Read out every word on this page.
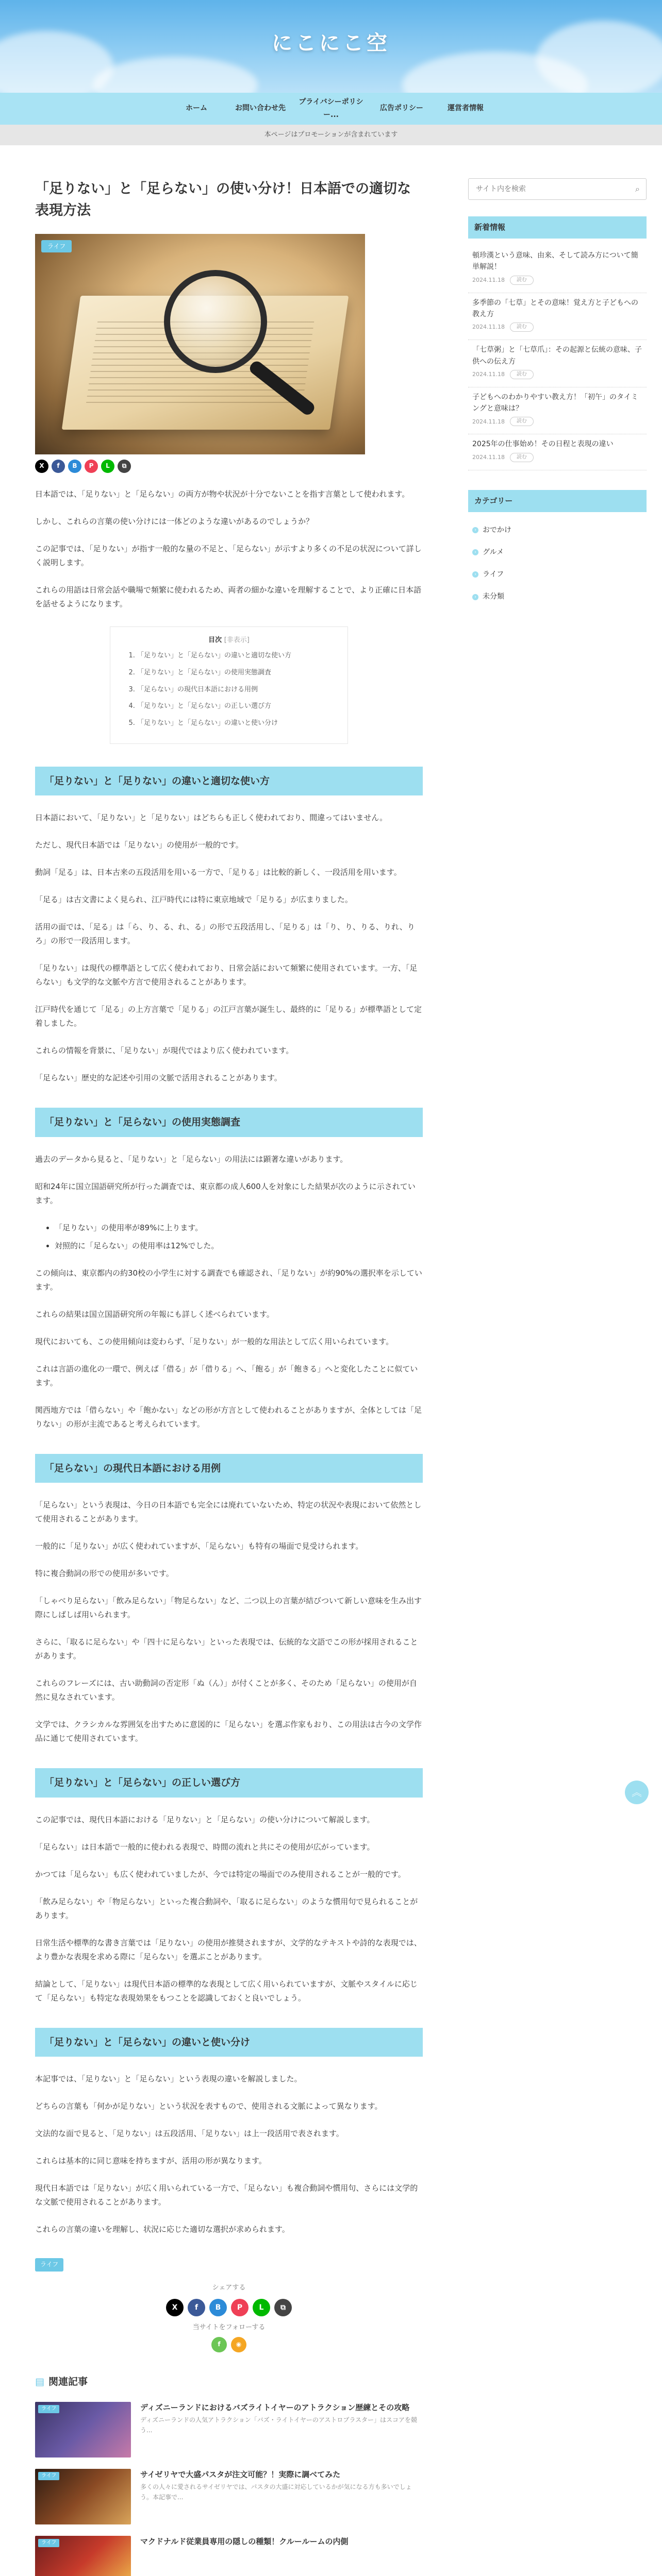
にこにこ空
ホーム	お問い合わせ先
プライバシーポリシー...
広告ポリシー	運営者情報
本ページはプロモーションが含まれています
「足りない」と「足らない」の使い分け！日本語での適切な表現方法
ライフ
X	f	B	P	L	⧉

日本語では、「足りない」と「足らない」の両方が物や状況が十分でないことを指す言葉として使われます。

しかし、これらの言葉の使い分けには一体どのような違いがあるのでしょうか？

この記事では、「足りない」が指す一般的な量の不足と、「足らない」が示すより多くの不足の状況について詳しく説明します。

これらの用語は日常会話や職場で頻繁に使われるため、両者の細かな違いを理解することで、より正確に日本語を話せるようになります。

目次 [非表示]
1. 「足りない」と「足らない」の違いと適切な使い方
2. 「足りない」と「足らない」の使用実態調査
3. 「足らない」の現代日本語における用例
4. 「足りない」と「足らない」の正しい選び方
5. 「足りない」と「足らない」の違いと使い分け
「足りない」と「足りない」の違いと適切な使い方

日本語において、「足りない」と「足りない」はどちらも正しく使われており、間違ってはいません。

ただし、現代日本語では「足りない」の使用が一般的です。

動詞「足る」は、日本古来の五段活用を用いる一方で、「足りる」は比較的新しく、一段活用を用います。

「足る」は古文書によく見られ、江戸時代には特に東京地域で「足りる」が広まりました。

活用の面では、「足る」は「ら、り、る、れ、る」の形で五段活用し、「足りる」は「り、り、りる、りれ、りろ」の形で一段活用します。

「足りない」は現代の標準語として広く使われており、日常会話において頻繁に使用されています。一方、「足らない」も文学的な文脈や方言で使用されることがあります。

江戸時代を通じて「足る」の上方言葉で「足りる」の江戸言葉が誕生し、最終的に「足りる」が標準語として定着しました。

これらの情報を背景に、「足りない」が現代ではより広く使われています。

「足らない」歴史的な記述や引用の文脈で活用されることがあります。

「足りない」と「足らない」の使用実態調査

過去のデータから見ると、「足りない」と「足らない」の用法には顕著な違いがあります。

昭和24年に国立国語研究所が行った調査では、東京都の成人600人を対象にした結果が次のように示されています。

• 「足りない」の使用率が89%に上ります。
• 対照的に「足らない」の使用率は12%でした。

この傾向は、東京都内の約30校の小学生に対する調査でも確認され、「足りない」が約90%の選択率を示しています。

これらの結果は国立国語研究所の年報にも詳しく述べられています。

現代においても、この使用傾向は変わらず、「足りない」が一般的な用法として広く用いられています。

これは言語の進化の一環で、例えば「借る」が「借りる」へ、「飽る」が「飽きる」へと変化したことに似ています。

関西地方では「借らない」や「飽かない」などの形が方言として使われることがありますが、全体としては「足りない」の形が主流であると考えられています。

「足らない」の現代日本語における用例

「足らない」という表現は、今日の日本語でも完全には廃れていないため、特定の状況や表現において依然として使用されることがあります。

一般的に「足りない」が広く使われていますが、「足らない」も特有の場面で見受けられます。

特に複合動詞の形での使用が多いです。

「しゃべり足らない」「飲み足らない」「物足らない」など、二つ以上の言葉が結びついて新しい意味を生み出す際にしばしば用いられます。

さらに、「取るに足らない」や「四十に足らない」といった表現では、伝統的な文語でこの形が採用されることがあります。

これらのフレーズには、古い助動詞の否定形「ぬ（ん）」が付くことが多く、そのため「足らない」の使用が自然に見なされています。

文学では、クラシカルな雰囲気を出すために意図的に「足らない」を選ぶ作家もおり、この用法は古今の文学作品に通じて使用されています。

「足りない」と「足らない」の正しい選び方

この記事では、現代日本語における「足りない」と「足らない」の使い分けについて解説します。

「足らない」は日本語で一般的に使われる表現で、時間の流れと共にその使用が広がっています。

かつては「足らない」も広く使われていましたが、今では特定の場面でのみ使用されることが一般的です。

「飲み足らない」や「物足らない」といった複合動詞や、「取るに足らない」のような慣用句で見られることがあります。

日常生活や標準的な書き言葉では「足りない」の使用が推奨されますが、文学的なテキストや詩的な表現では、より豊かな表現を求める際に「足らない」を選ぶことがあります。

結論として、「足りない」は現代日本語の標準的な表現として広く用いられていますが、文脈やスタイルに応じて「足らない」も特定な表現効果をもつことを認識しておくと良いでしょう。

「足りない」と「足らない」の違いと使い分け

本記事では、「足りない」と「足らない」という表現の違いを解説しました。

どちらの言葉も「何かが足りない」という状況を表すもので、使用される文脈によって異なります。

文法的な面で見ると、「足りない」は五段活用、「足りない」は上一段活用で表されます。

これらは基本的に同じ意味を持ちますが、活用の形が異なります。

現代日本語では「足りない」が広く用いられている一方で、「足らない」も複合動詞や慣用句、さらには文学的な文脈で使用されることがあります。

これらの言葉の違いを理解し、状況に応じた適切な選択が求められます。

ライフ
シェアする
X	f	B	P	L	⧉
当サイトをフォローする
f	◉
▤ 関連記事
ライフ	ディズニーランドにおけるバズライトイヤーのアトラクション歴練とその攻略
ディズニーランドの人気アトラクション「バズ・ライトイヤーのアストロブラスター」はスコアを競う...
ライフ	サイゼリヤで大盛パスタが注文可能？！実際に調べてみた
多くの人々に愛されるサイゼリヤでは、パスタの大盛に対応しているかが気になる方も多いでしょう。本記事で...
ライフ	マクドナルド従業員専用の隠しの種類！クルールームの内側
サイト内を検索
⌕
新着情報
頓珍漢という意味、由来、そして読み方について簡単解説！
2024.11.18	読む
多季節の「七草」とその意味！覚え方と子どもへの教え方
2024.11.18	読む
「七草粥」と「七草爪」：その起源と伝統の意味、子供への伝え方
2024.11.18	読む
子どもへのわかりやすい教え方！「初午」のタイミングと意味は？
2024.11.18	読む
2025年の仕事始め！その日程と表現の違い
2024.11.18	読む
カテゴリー
› おでかけ
› グルメ
› ライフ
› 未分類
︽
